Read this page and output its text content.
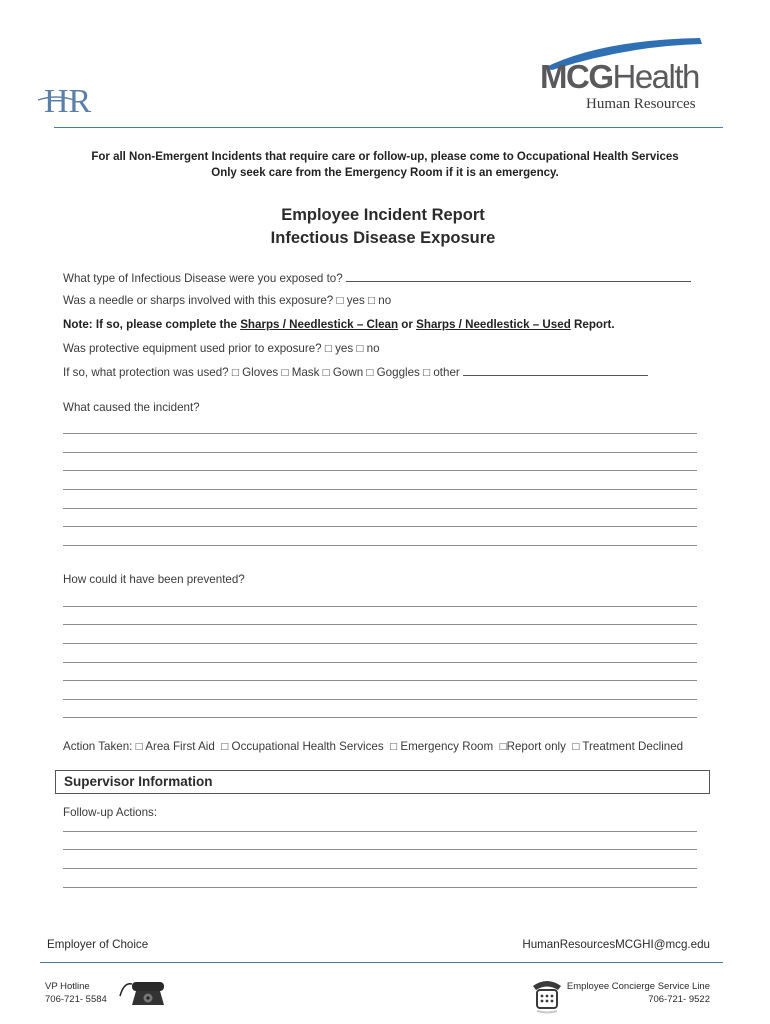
HR
MCGHealth
Human Resources
For all Non-Emergent Incidents that require care or follow-up, please come to Occupational Health Services
Only seek care from the Emergency Room if it is an emergency.
Employee Incident Report
Infectious Disease Exposure
What type of Infectious Disease were you exposed to?
Was a needle or sharps involved with this exposure? □ yes □ no
Note: If so, please complete the Sharps / Needlestick – Clean or Sharps / Needlestick – Used Report.
Was protective equipment used prior to exposure? □ yes □ no
If so, what protection was used? □ Gloves □ Mask □ Gown □ Goggles □ other
What caused the incident?
How could it have been prevented?
Action Taken: □ Area First Aid □ Occupational Health Services □ Emergency Room □Report only □ Treatment Declined
Supervisor Information
Follow-up Actions:
Employer of Choice	HumanResourcesMCGHI@mcg.edu
VP Hotline
706-721- 5584
Employee Concierge Service Line
706-721- 9522
